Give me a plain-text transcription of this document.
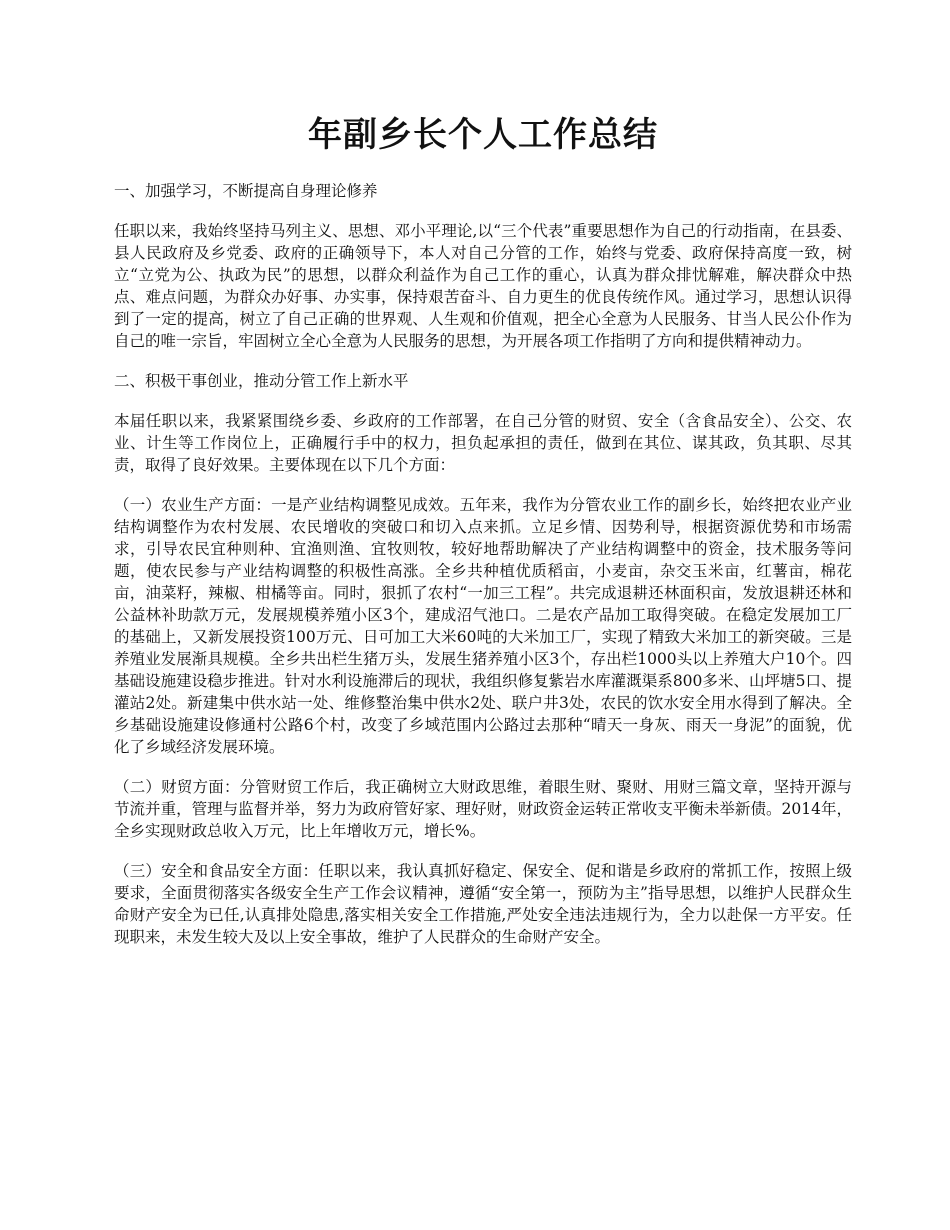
年副乡长个人工作总结
一、加强学习，不断提高自身理论修养

任职以来，我始终坚持马列主义、思想、邓小平理论,以“三个代表”重要思想作为自己的行动指南，在县委、县人民政府及乡党委、政府的正确领导下，本人对自己分管的工作，始终与党委、政府保持高度一致，树立“立党为公、执政为民”的思想，以群众利益作为自己工作的重心，认真为群众排忧解难，解决群众中热点、难点问题，为群众办好事、办实事，保持艰苦奋斗、自力更生的优良传统作风。通过学习，思想认识得到了一定的提高，树立了自己正确的世界观、人生观和价值观，把全心全意为人民服务、甘当人民公仆作为自己的唯一宗旨，牢固树立全心全意为人民服务的思想，为开展各项工作指明了方向和提供精神动力。

二、积极干事创业，推动分管工作上新水平

本届任职以来，我紧紧围绕乡委、乡政府的工作部署，在自己分管的财贸、安全（含食品安全）、公交、农业、计生等工作岗位上，正确履行手中的权力，担负起承担的责任，做到在其位、谋其政，负其职、尽其责，取得了良好效果。主要体现在以下几个方面：

（一）农业生产方面：一是产业结构调整见成效。五年来，我作为分管农业工作的副乡长，始终把农业产业结构调整作为农村发展、农民增收的突破口和切入点来抓。立足乡情、因势利导，根据资源优势和市场需求，引导农民宜种则种、宜渔则渔、宜牧则牧，较好地帮助解决了产业结构调整中的资金，技术服务等问题，使农民参与产业结构调整的积极性高涨。全乡共种植优质稻亩，小麦亩，杂交玉米亩，红薯亩，棉花亩，油菜籽，辣椒、柑橘等亩。同时，狠抓了农村“一加三工程”。共完成退耕还林面积亩，发放退耕还林和公益林补助款万元，发展规模养殖小区3个，建成沼气池口。二是农产品加工取得突破。在稳定发展加工厂的基础上，又新发展投资100万元、日可加工大米60吨的大米加工厂，实现了精致大米加工的新突破。三是养殖业发展渐具规模。全乡共出栏生猪万头，发展生猪养殖小区3个，存出栏1000头以上养殖大户10个。四基础设施建设稳步推进。针对水利设施滞后的现状，我组织修复紫岩水库灌溉渠系800多米、山坪塘5口、提灌站2处。新建集中供水站一处、维修整治集中供水2处、联户井3处，农民的饮水安全用水得到了解决。全乡基础设施建设修通村公路6个村，改变了乡域范围内公路过去那种“晴天一身灰、雨天一身泥”的面貌，优化了乡域经济发展环境。

（二）财贸方面：分管财贸工作后，我正确树立大财政思维，着眼生财、聚财、用财三篇文章，坚持开源与节流并重，管理与监督并举，努力为政府管好家、理好财，财政资金运转正常收支平衡未举新债。2014年，全乡实现财政总收入万元，比上年增收万元，增长%。

（三）安全和食品安全方面：任职以来，我认真抓好稳定、保安全、促和谐是乡政府的常抓工作，按照上级要求，全面贯彻落实各级安全生产工作会议精神，遵循“安全第一，预防为主”指导思想，以维护人民群众生命财产安全为已任,认真排处隐患,落实相关安全工作措施,严处安全违法违规行为，全力以赴保一方平安。任现职来，未发生较大及以上安全事故，维护了人民群众的生命财产安全。
